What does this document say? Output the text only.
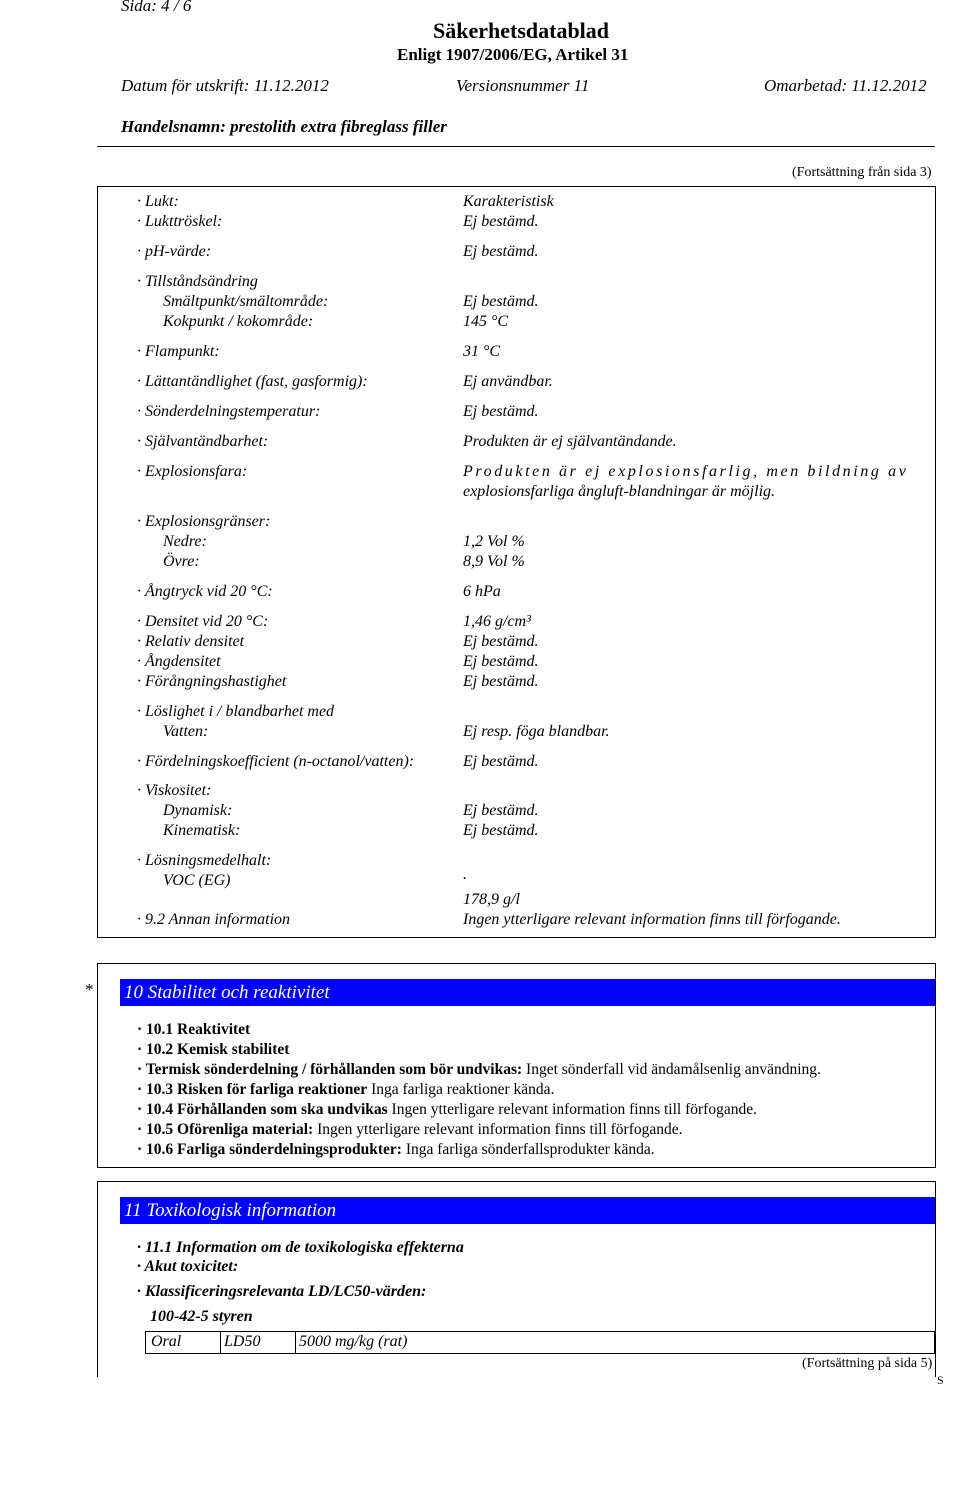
Sida: 4 / 6
Säkerhetsdatablad
Enligt 1907/2006/EG, Artikel 31
Datum för utskrift: 11.12.2012	Versionsnummer 11	Omarbetad: 11.12.2012
Handelsnamn: prestolith extra fibreglass filler
(Fortsättning från sida 3)
· Lukt:	Karakteristisk
· Lukttröskel:	Ej bestämd.
· pH-värde:	Ej bestämd.
· Tillståndsändring
Smältpunkt/smältområde:	Ej bestämd.
Kokpunkt / kokområde:	145 °C
· Flampunkt:	31 °C
· Lättantändlighet (fast, gasformig):	Ej användbar.
· Sönderdelningstemperatur:	Ej bestämd.
· Självantändbarhet:	Produkten är ej självantändande.
· Explosionsfara:	Produkten är ej explosionsfarlig, men bildning av
explosionsfarliga ångluft-blandningar är möjlig.
· Explosionsgränser:
Nedre:	1,2 Vol %
Övre:	8,9 Vol %
· Ångtryck vid 20 °C:	6 hPa
· Densitet vid 20 °C:	1,46 g/cm³
· Relativ densitet	Ej bestämd.
· Ångdensitet	Ej bestämd.
· Förångningshastighet	Ej bestämd.
· Löslighet i / blandbarhet med
Vatten:	Ej resp. föga blandbar.
· Fördelningskoefficient (n-octanol/vatten):	Ej bestämd.
· Viskositet:
Dynamisk:	Ej bestämd.
Kinematisk:	Ej bestämd.
· Lösningsmedelhalt:
VOC (EG)	.
178,9 g/l
· 9.2 Annan information	Ingen ytterligare relevant information finns till förfogande.
* 10 Stabilitet och reaktivitet
· 10.1 Reaktivitet
· 10.2 Kemisk stabilitet
· Termisk sönderdelning / förhållanden som bör undvikas: Inget sönderfall vid ändamålsenlig användning.
· 10.3 Risken för farliga reaktioner Inga farliga reaktioner kända.
· 10.4 Förhållanden som ska undvikas Ingen ytterligare relevant information finns till förfogande.
· 10.5 Oförenliga material: Ingen ytterligare relevant information finns till förfogande.
· 10.6 Farliga sönderdelningsprodukter: Inga farliga sönderfallsprodukter kända.
11 Toxikologisk information
· 11.1 Information om de toxikologiska effekterna
· Akut toxicitet:
· Klassificeringsrelevanta LD/LC50-värden:
100-42-5 styren
Oral	LD50	5000 mg/kg (rat)
(Fortsättning på sida 5)
S
